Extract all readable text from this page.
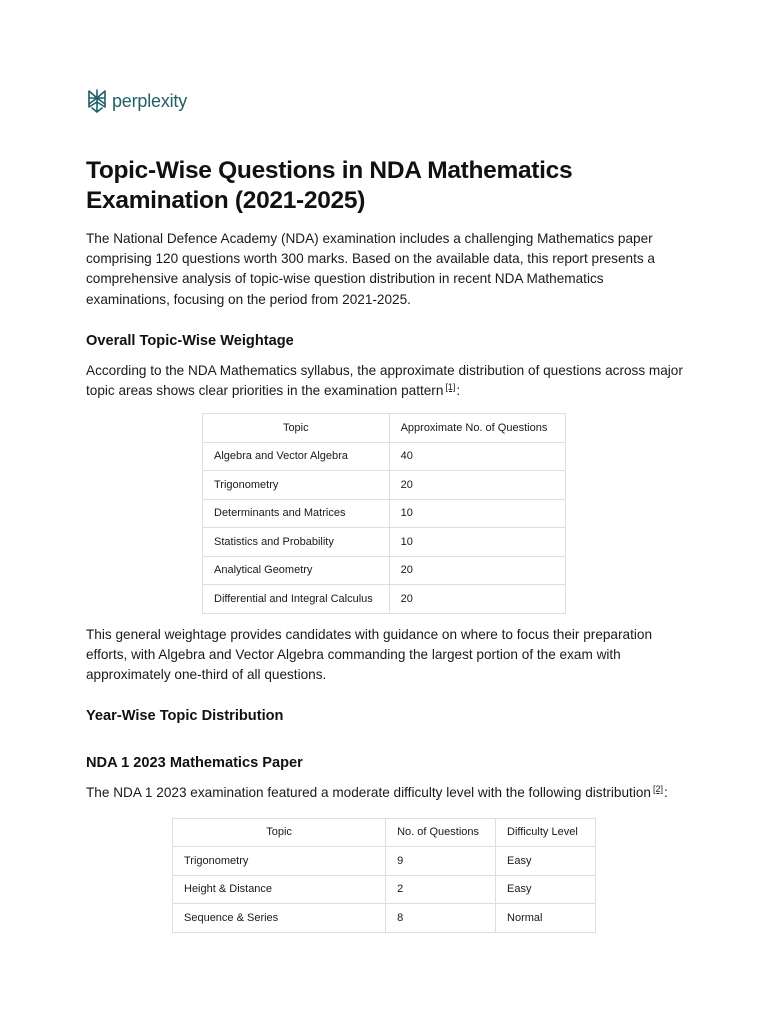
perplexity
Topic-Wise Questions in NDA Mathematics Examination (2021-2025)

The National Defence Academy (NDA) examination includes a challenging Mathematics paper comprising 120 questions worth 300 marks. Based on the available data, this report presents a comprehensive analysis of topic-wise question distribution in recent NDA Mathematics examinations, focusing on the period from 2021-2025.

Overall Topic-Wise Weightage

According to the NDA Mathematics syllabus, the approximate distribution of questions across major topic areas shows clear priorities in the examination pattern [1]:

Topic	Approximate No. of Questions
Algebra and Vector Algebra	40
Trigonometry	20
Determinants and Matrices	10
Statistics and Probability	10
Analytical Geometry	20
Differential and Integral Calculus	20

This general weightage provides candidates with guidance on where to focus their preparation efforts, with Algebra and Vector Algebra commanding the largest portion of the exam with approximately one-third of all questions.

Year-Wise Topic Distribution
NDA 1 2023 Mathematics Paper

The NDA 1 2023 examination featured a moderate difficulty level with the following distribution [2]:

Topic	No. of Questions	Difficulty Level
Trigonometry	9	Easy
Height & Distance	2	Easy
Sequence & Series	8	Normal
